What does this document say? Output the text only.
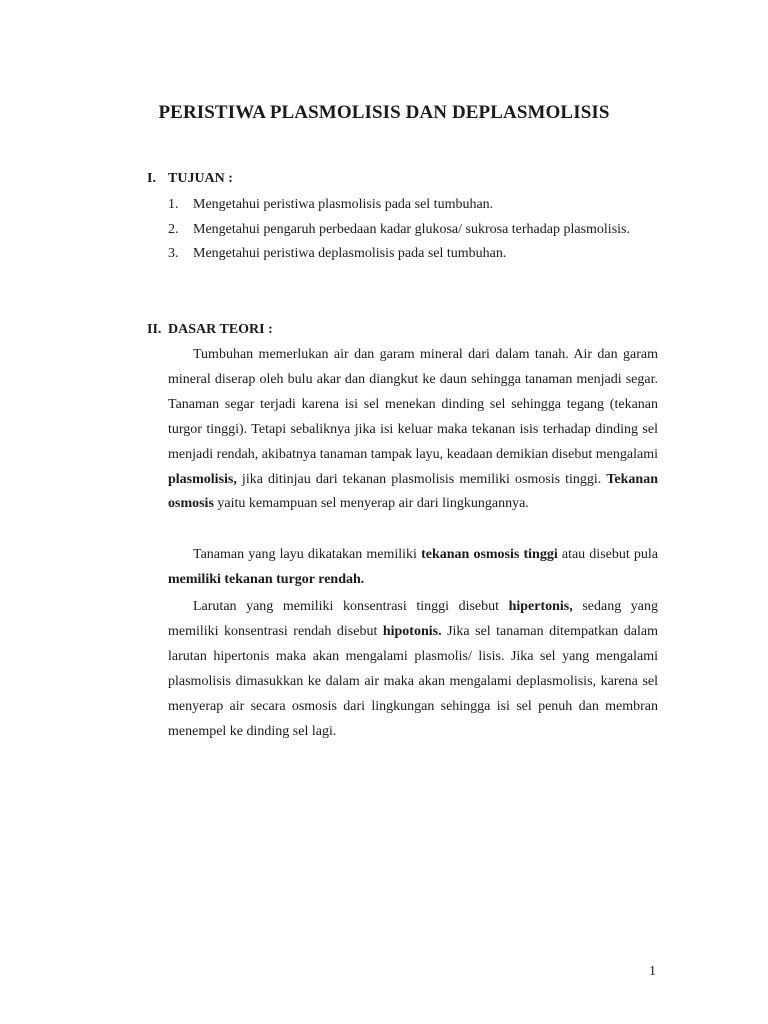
PERISTIWA PLASMOLISIS DAN DEPLASMOLISIS
I. TUJUAN :
1.	Mengetahui peristiwa plasmolisis pada sel tumbuhan.
2.	Mengetahui pengaruh perbedaan kadar glukosa/ sukrosa terhadap plasmolisis.
3.	Mengetahui peristiwa deplasmolisis pada sel tumbuhan.
II. DASAR TEORI :

Tumbuhan memerlukan air dan garam mineral dari dalam tanah. Air dan garam mineral diserap oleh bulu akar dan diangkut ke daun sehingga tanaman menjadi segar. Tanaman segar terjadi karena isi sel menekan dinding sel sehingga tegang (tekanan turgor tinggi). Tetapi sebaliknya jika isi keluar maka tekanan isis terhadap dinding sel menjadi rendah, akibatnya tanaman tampak layu, keadaan demikian disebut mengalami plasmolisis, jika ditinjau dari tekanan plasmolisis memiliki osmosis tinggi. Tekanan osmosis yaitu kemampuan sel menyerap air dari lingkungannya.

Tanaman yang layu dikatakan memiliki tekanan osmosis tinggi atau disebut pula memiliki tekanan turgor rendah.

Larutan yang memiliki konsentrasi tinggi disebut hipertonis, sedang yang memiliki konsentrasi rendah disebut hipotonis. Jika sel tanaman ditempatkan dalam larutan hipertonis maka akan mengalami plasmolis/ lisis. Jika sel yang mengalami plasmolisis dimasukkan ke dalam air maka akan mengalami deplasmolisis, karena sel menyerap air secara osmosis dari lingkungan sehingga isi sel penuh dan membran menempel ke dinding sel lagi.

1
